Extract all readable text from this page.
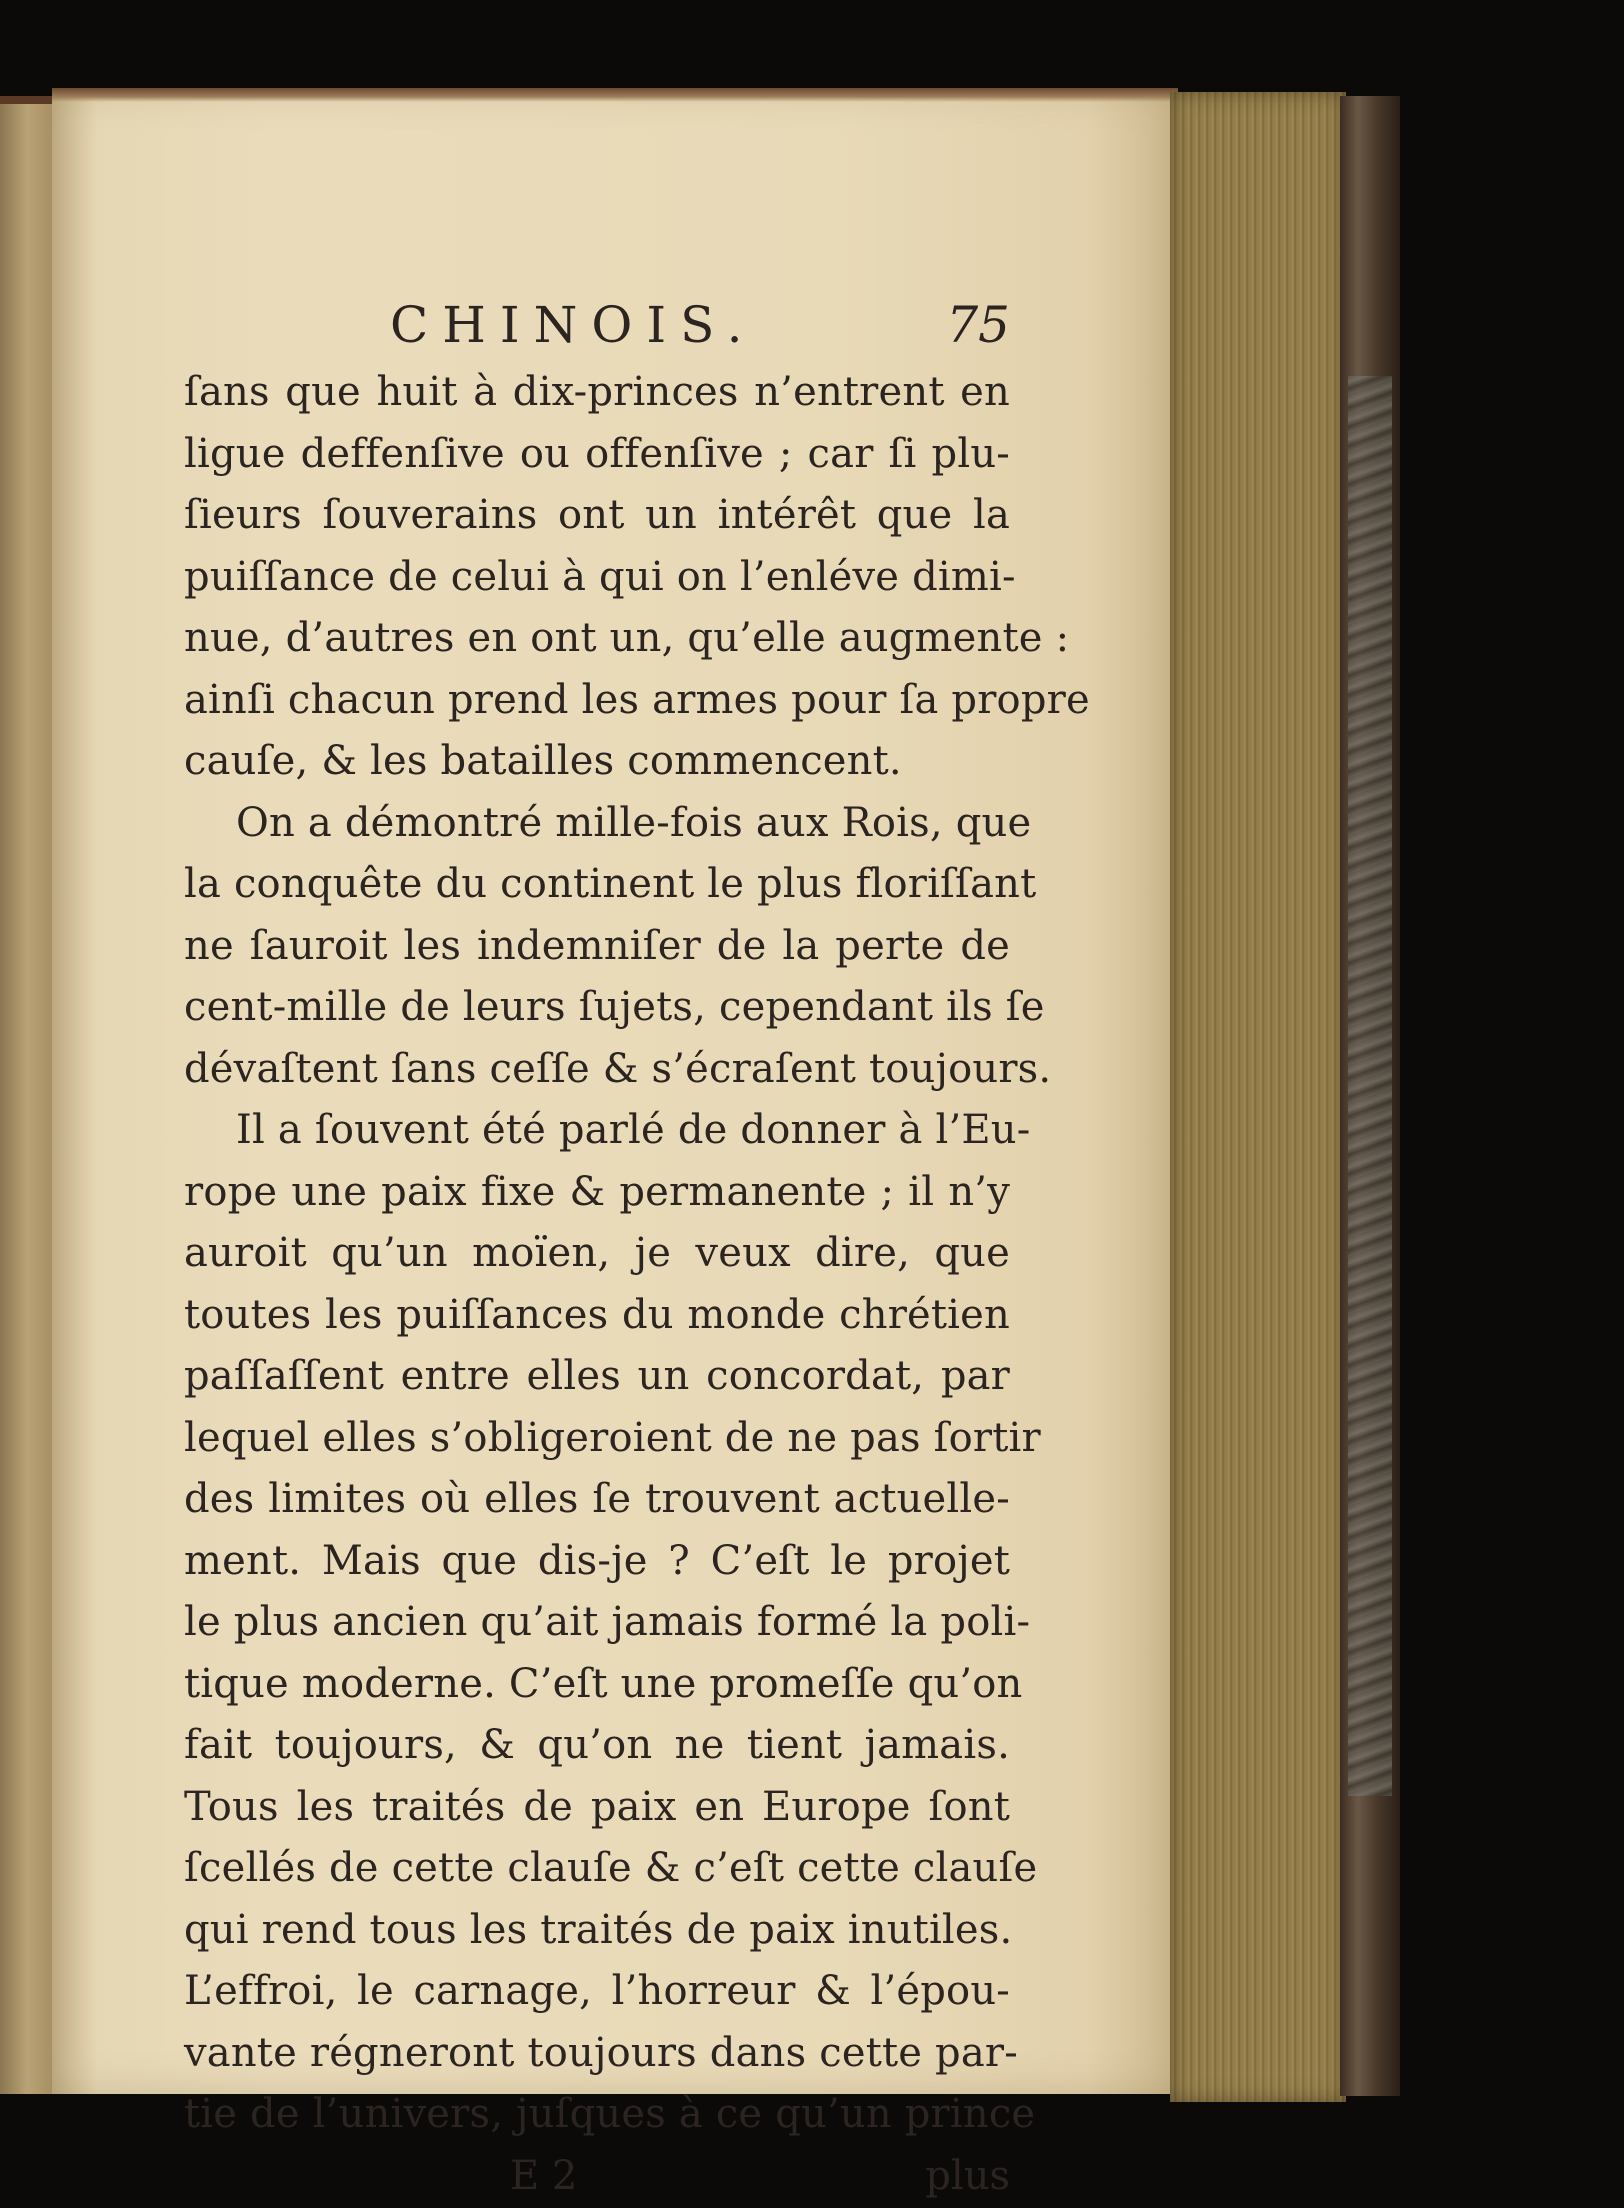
CHINOIS.	75
ſans que huit à dix-princes n’entrent en
ligue deffenſive ou offenſive ; car ſi plu-
ſieurs ſouverains ont un intérêt que la
puiſſance de celui à qui on l’enléve dimi-
nue, d’autres en ont un, qu’elle augmente :
ainſi chacun prend les armes pour ſa propre
cauſe, & les batailles commencent.
On a démontré mille-fois aux Rois, que
la conquête du continent le plus floriſſant
ne ſauroit les indemniſer de la perte de
cent-mille de leurs ſujets, cependant ils ſe
dévaſtent ſans ceſſe & s’écraſent toujours.
Il a ſouvent été parlé de donner à l’Eu-
rope une paix fixe & permanente ; il n’y
auroit qu’un moïen, je veux dire, que
toutes les puiſſances du monde chrétien
paſſaſſent entre elles un concordat, par
lequel elles s’obligeroient de ne pas ſortir
des limites où elles ſe trouvent actuelle-
ment. Mais que dis-je ? C’eſt le projet
le plus ancien qu’ait jamais formé la poli-
tique moderne. C’eſt une promeſſe qu’on
fait toujours, & qu’on ne tient jamais.
Tous les traités de paix en Europe ſont
ſcellés de cette clauſe & c’eſt cette clauſe
qui rend tous les traités de paix inutiles.
L’effroi, le carnage, l’horreur & l’épou-
vante régneront toujours dans cette par-
tie de l’univers, juſques à ce qu’un prince
E 2	plus
